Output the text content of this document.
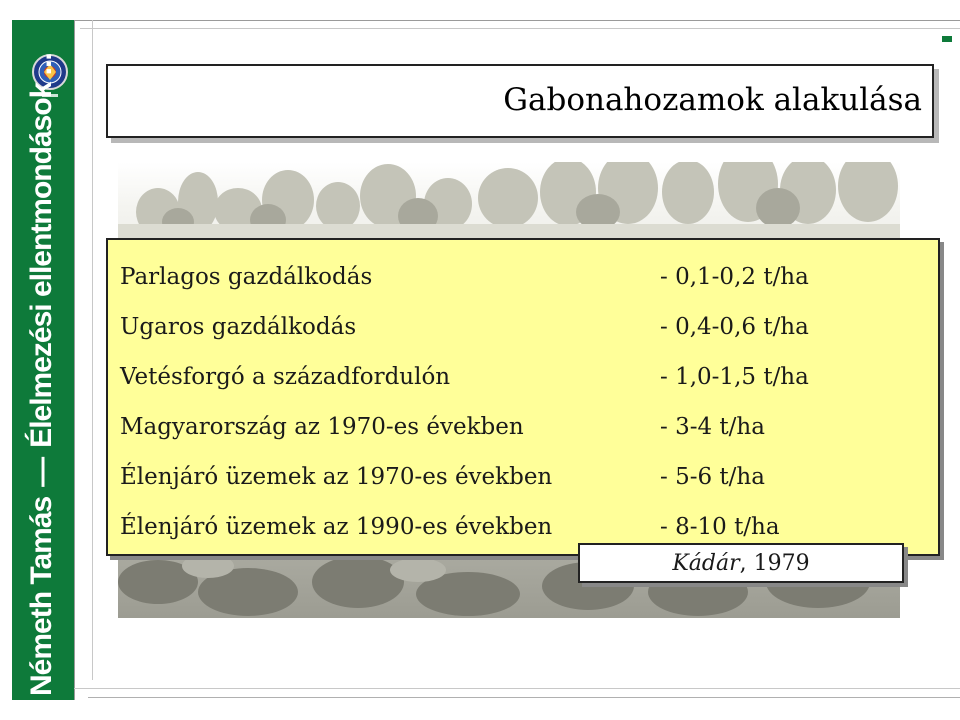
Németh Tamás
—
Élelmezési ellentmondások ...	Gabonahozamok alakulása
Parlagos gazdálkodás	- 0,1-0,2 t/ha
Ugaros gazdálkodás	- 0,4-0,6 t/ha
Vetésforgó a századfordulón	- 1,0-1,5 t/ha
Magyarország az 1970-es években	- 3-4 t/ha
Élenjáró üzemek az 1970-es években	- 5-6 t/ha
Élenjáró üzemek az 1990-es években	- 8-10 t/ha
Kádár, 1979
